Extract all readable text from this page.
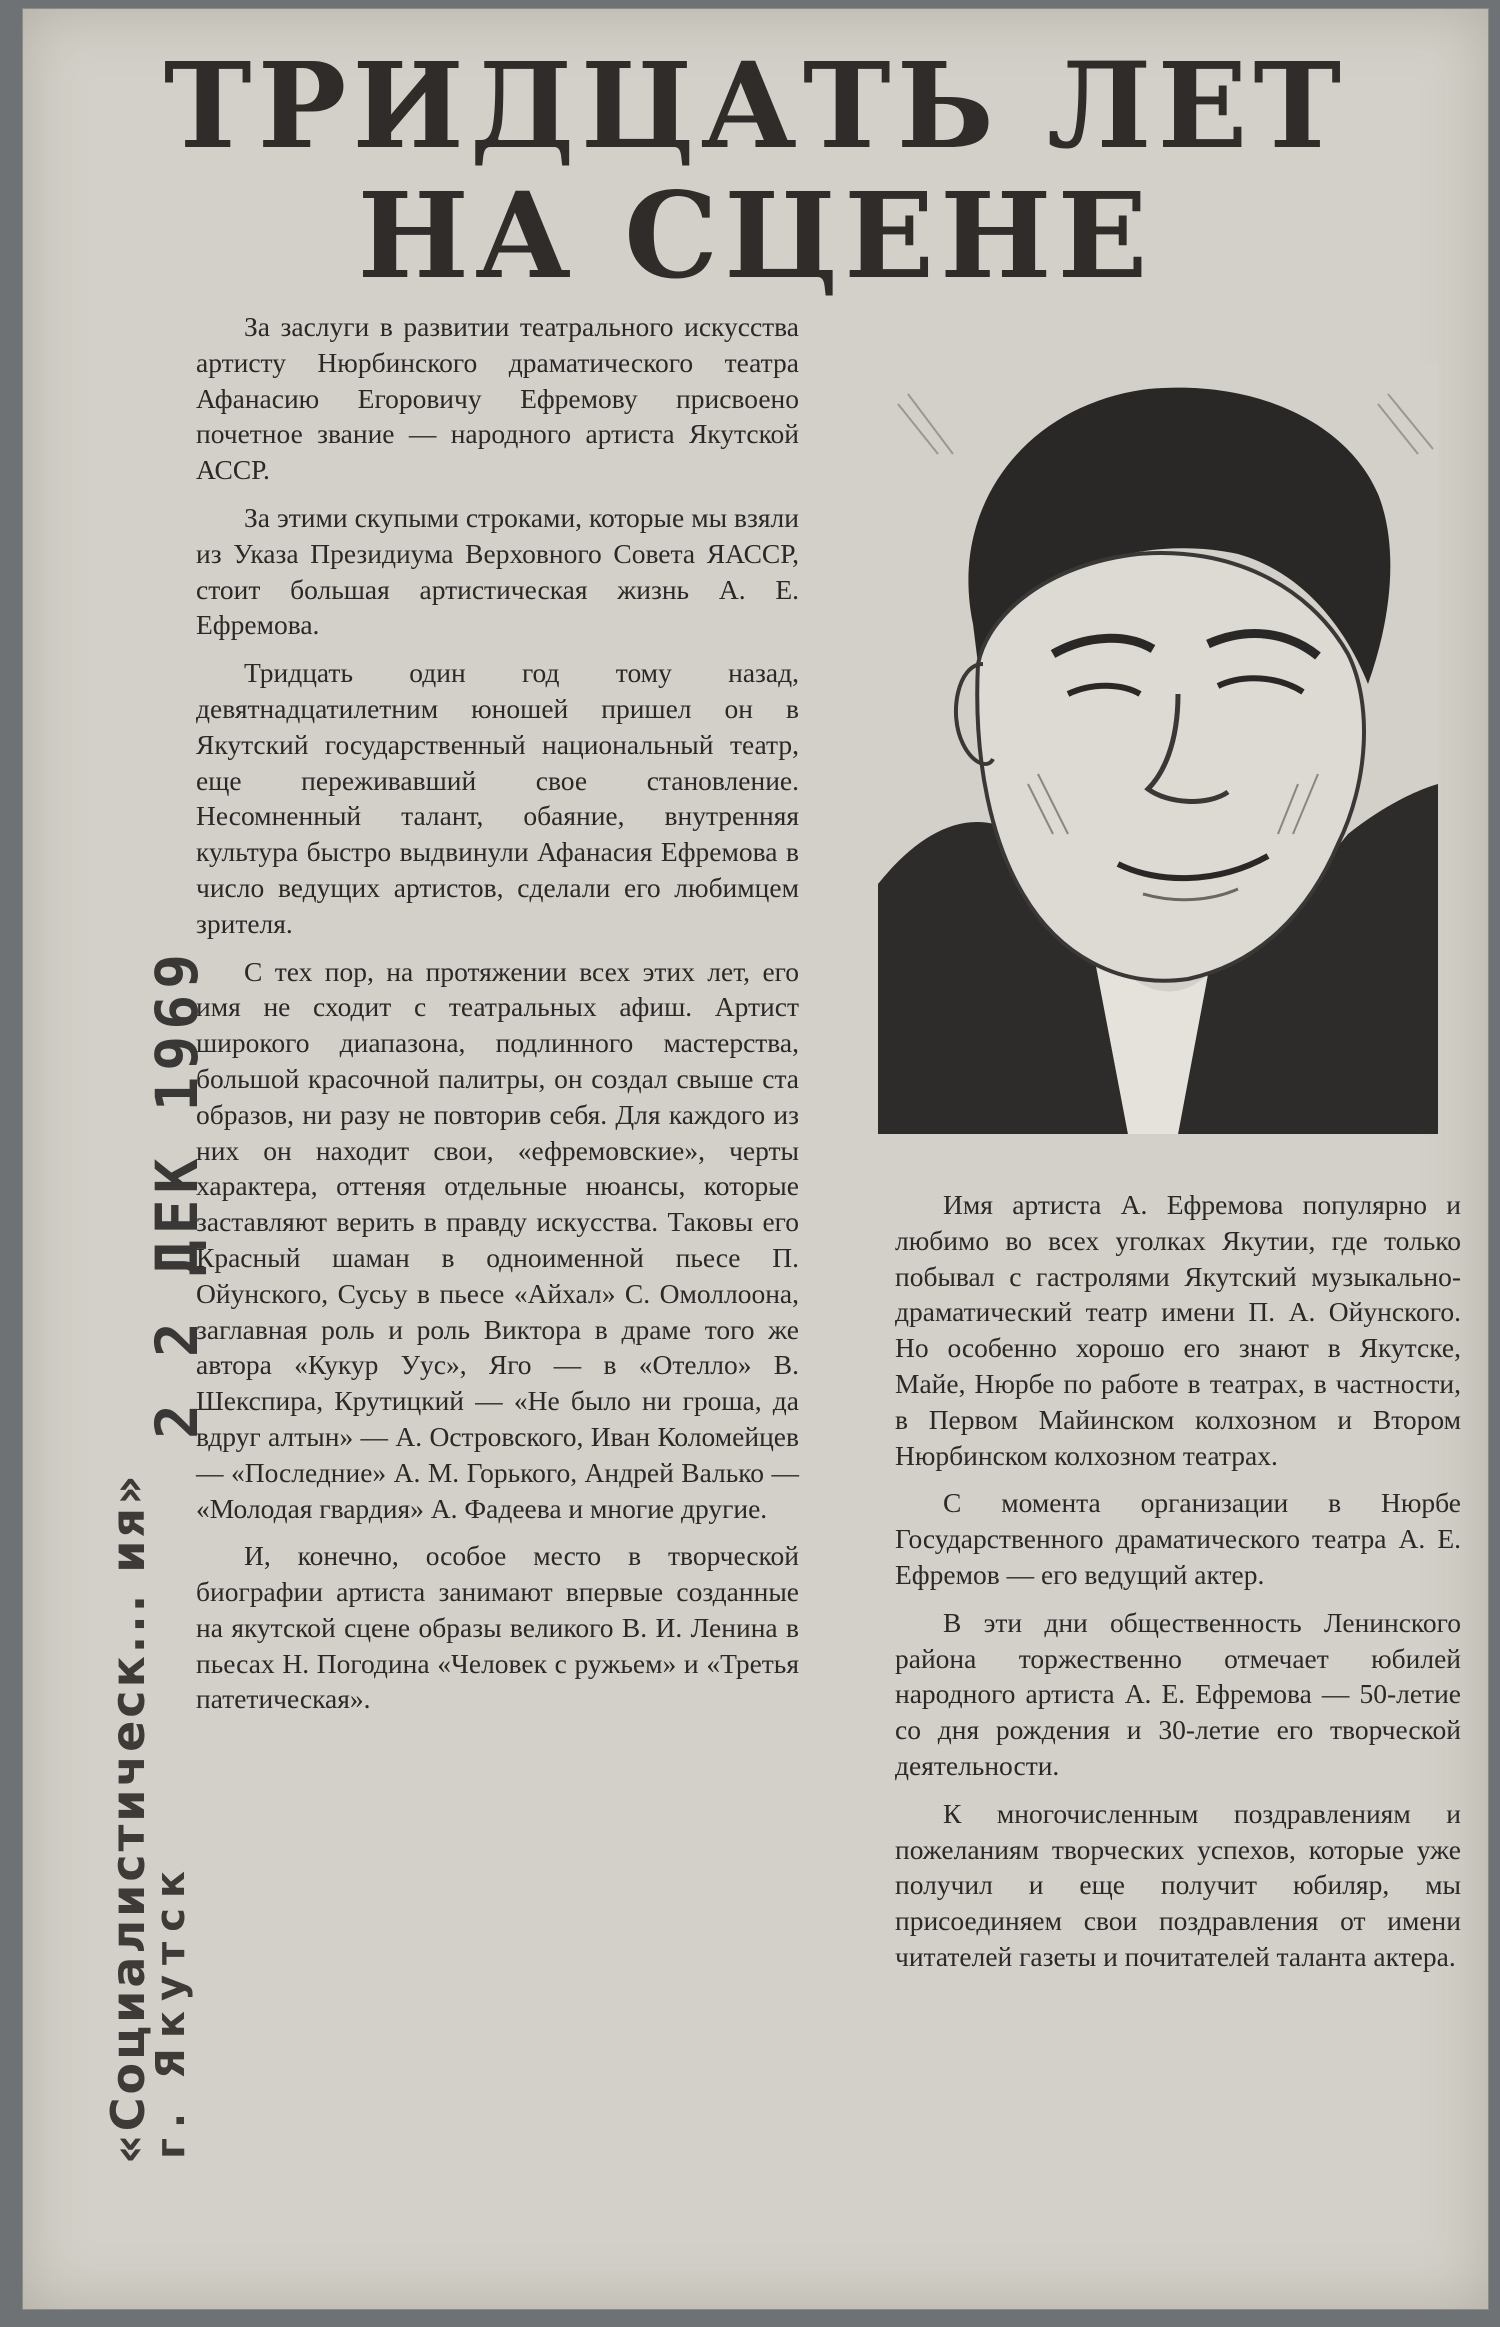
ТРИДЦАТЬ ЛЕТ
НА СЦЕНЕ

За заслуги в развитии театрального искусства артисту Нюрбинского драматического театра Афанасию Егоровичу Ефремову присвоено почетное звание — народного артиста Якутской АССР.

За этими скупыми строками, которые мы взяли из Указа Президиума Верховного Совета ЯАССР, стоит большая артистическая жизнь А. Е. Ефремова.

Тридцать один год тому назад, девятнадцатилетним юношей пришел он в Якутский государственный национальный театр, еще переживавший свое становление. Несомненный талант, обаяние, внутренняя культура быстро выдвинули Афанасия Ефремова в число ведущих артистов, сделали его любимцем зрителя.

С тех пор, на протяжении всех этих лет, его имя не сходит с театральных афиш. Артист широкого диапазона, подлинного мастерства, большой красочной палитры, он создал свыше ста образов, ни разу не повторив себя. Для каждого из них он находит свои, «ефремовские», черты характера, оттеняя отдельные нюансы, которые заставляют верить в правду искусства. Таковы его Красный шаман в одноименной пьесе П. Ойунского, Сусьу в пьесе «Айхал» С. Омоллоона, заглавная роль и роль Виктора в драме того же автора «Кукур Уус», Яго — в «Отелло» В. Шекспира, Крутицкий — «Не было ни гроша, да вдруг алтын» — А. Островского, Иван Коломейцев — «Последние» А. М. Горького, Андрей Валько — «Молодая гвардия» А. Фадеева и многие другие.

И, конечно, особое место в творческой биографии артиста занимают впервые созданные на якутской сцене образы великого В. И. Ленина в пьесах Н. Погодина «Человек с ружьем» и «Третья патетическая».

Имя артиста А. Ефремова популярно и любимо во всех уголках Якутии, где только побывал с гастролями Якутский музыкально-драматический театр имени П. А. Ойунского. Но особенно хорошо его знают в Якутске, Майе, Нюрбе по работе в театрах, в частности, в Первом Майинском колхозном и Втором Нюрбинском колхозном театрах.

С момента организации в Нюрбе Государственного драматического театра А. Е. Ефремов — его ведущий актер.

В эти дни общественность Ленинского района торжественно отмечает юбилей народного артиста А. Е. Ефремова — 50-летие со дня рождения и 30-летие его творческой деятельности.

К многочисленным поздравлениям и пожеланиям творческих успехов, которые уже получил и еще получит юбиляр, мы присоединяем свои поздравления от имени читателей газеты и почитателей таланта актера.

2 2 ДЕК 1969
«Социалистическ... ия»
г. Якутск
